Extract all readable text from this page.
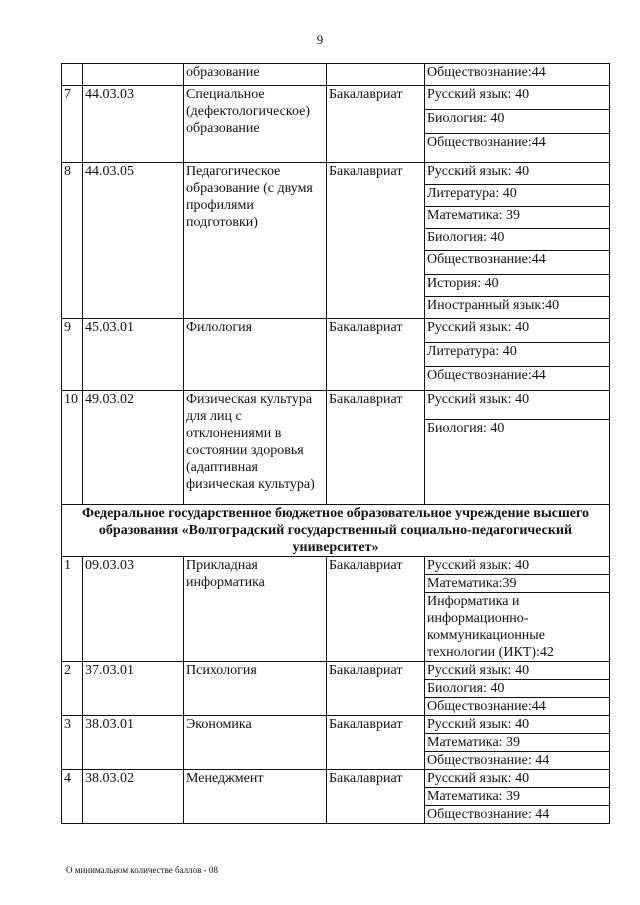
9
		образование		Обществознание:44
7	44.03.03	Специальное (дефектологическое) образование	Бакалавриат	Русский язык: 40
				Биология: 40
				Обществознание:44
8	44.03.05	Педагогическое образование (с двумя профилями подготовки)	Бакалавриат	Русский язык: 40
				Литература: 40
				Математика: 39
				Биология: 40
				Обществознание:44
				История: 40
				Иностранный язык:40
9	45.03.01	Филология	Бакалавриат	Русский язык: 40
				Литература: 40
				Обществознание:44
10	49.03.02	Физическая культура для лиц с отклонениями в состоянии здоровья (адаптивная физическая культура)	Бакалавриат	Русский язык: 40
				Биология: 40
Федеральное государственное бюджетное образовательное учреждение высшего образования «Волгоградский государственный социально-педагогический университет»				
1	09.03.03	Прикладная информатика	Бакалавриат	Русский язык: 40
				Математика:39
				Информатика и информационно-коммуникационные технологии (ИКТ):42
2	37.03.01	Психология	Бакалавриат	Русский язык: 40
				Биология: 40
				Обществознание:44
3	38.03.01	Экономика	Бакалавриат	Русский язык: 40
				Математика: 39
				Обществознание: 44
4	38.03.02	Менеджмент	Бакалавриат	Русский язык: 40
				Математика: 39
				Обществознание: 44
О минимальном количестве баллов - 08
